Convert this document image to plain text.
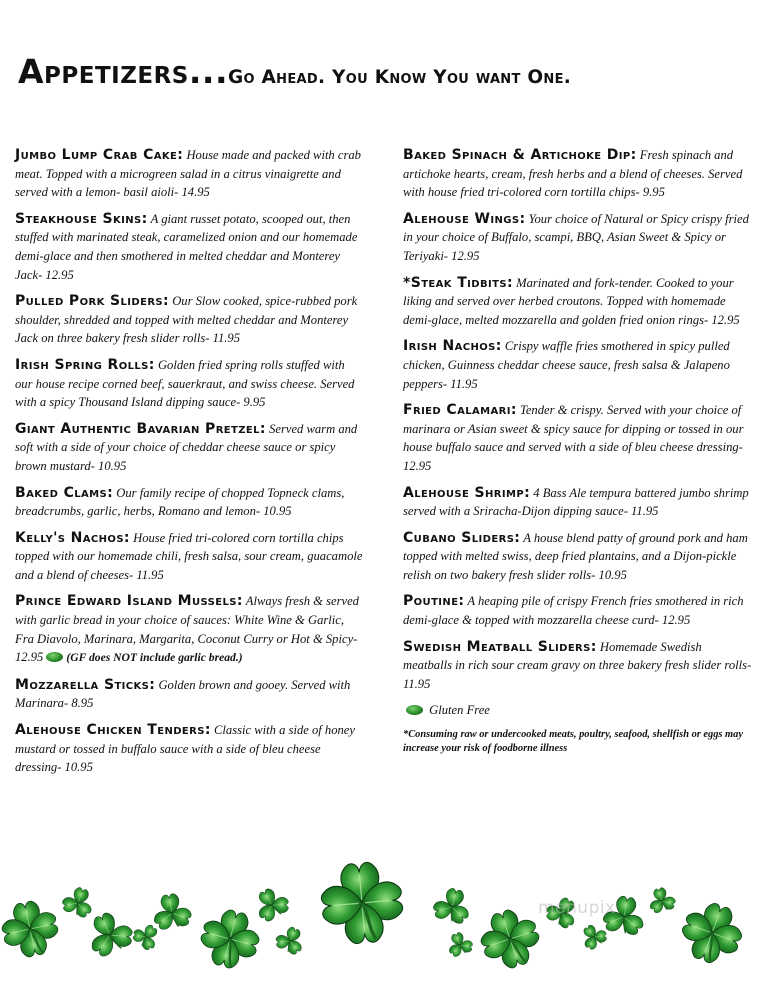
Appetizers...Go Ahead. You Know You want One.

Jumbo Lump Crab Cake: House made and packed with crab meat. Topped with a microgreen salad in a citrus vinaigrette and served with a lemon- basil aioli- 14.95

Steakhouse Skins: A giant russet potato, scooped out, then stuffed with marinated steak, caramelized onion and our homemade demi-glace and then smothered in melted cheddar and Monterey Jack- 12.95

Pulled Pork Sliders: Our Slow cooked, spice-rubbed pork shoulder, shredded and topped with melted cheddar and Monterey Jack on three bakery fresh slider rolls- 11.95

Irish Spring Rolls: Golden fried spring rolls stuffed with our house recipe corned beef, sauerkraut, and swiss cheese. Served with a spicy Thousand Island dipping sauce- 9.95

Giant Authentic Bavarian Pretzel: Served warm and soft with a side of your choice of cheddar cheese sauce or spicy brown mustard- 10.95

Baked Clams: Our family recipe of chopped Topneck clams, breadcrumbs, garlic, herbs, Romano and lemon- 10.95

Kelly's Nachos: House fried tri-colored corn tortilla chips topped with our homemade chili, fresh salsa, sour cream, guacamole and a blend of cheeses- 11.95

Prince Edward Island Mussels: Always fresh & served with garlic bread in your choice of sauces: White Wine & Garlic, Fra Diavolo, Marinara, Margarita, Coconut Curry or Hot & Spicy- 12.95 (GF does NOT include garlic bread.)

Mozzarella Sticks: Golden brown and gooey. Served with Marinara- 8.95

Alehouse Chicken Tenders: Classic with a side of honey mustard or tossed in buffalo sauce with a side of bleu cheese dressing- 10.95

Baked Spinach & Artichoke Dip: Fresh spinach and artichoke hearts, cream, fresh herbs and a blend of cheeses. Served with house fried tri-colored corn tortilla chips- 9.95

Alehouse Wings: Your choice of Natural or Spicy crispy fried in your choice of Buffalo, scampi, BBQ, Asian Sweet & Spicy or Teriyaki- 12.95

*Steak Tidbits: Marinated and fork-tender. Cooked to your liking and served over herbed croutons. Topped with homemade demi-glace, melted mozzarella and golden fried onion rings- 12.95

Irish Nachos: Crispy waffle fries smothered in spicy pulled chicken, Guinness cheddar cheese sauce, fresh salsa & Jalapeno peppers- 11.95

Fried Calamari: Tender & crispy. Served with your choice of marinara or Asian sweet & spicy sauce for dipping or tossed in our house buffalo sauce and served with a side of bleu cheese dressing- 12.95

Alehouse Shrimp: 4 Bass Ale tempura battered jumbo shrimp served with a Sriracha-Dijon dipping sauce- 11.95

Cubano Sliders: A house blend patty of ground pork and ham topped with melted swiss, deep fried plantains, and a Dijon-pickle relish on two bakery fresh slider rolls- 10.95

Poutine: A heaping pile of crispy French fries smothered in rich demi-glace & topped with mozzarella cheese curd- 12.95

Swedish Meatball Sliders: Homemade Swedish meatballs in rich sour cream gravy on three bakery fresh slider rolls- 11.95

Gluten Free

*Consuming raw or undercooked meats, poultry, seafood, shellfish or eggs may increase your risk of foodborne illness

menupix
